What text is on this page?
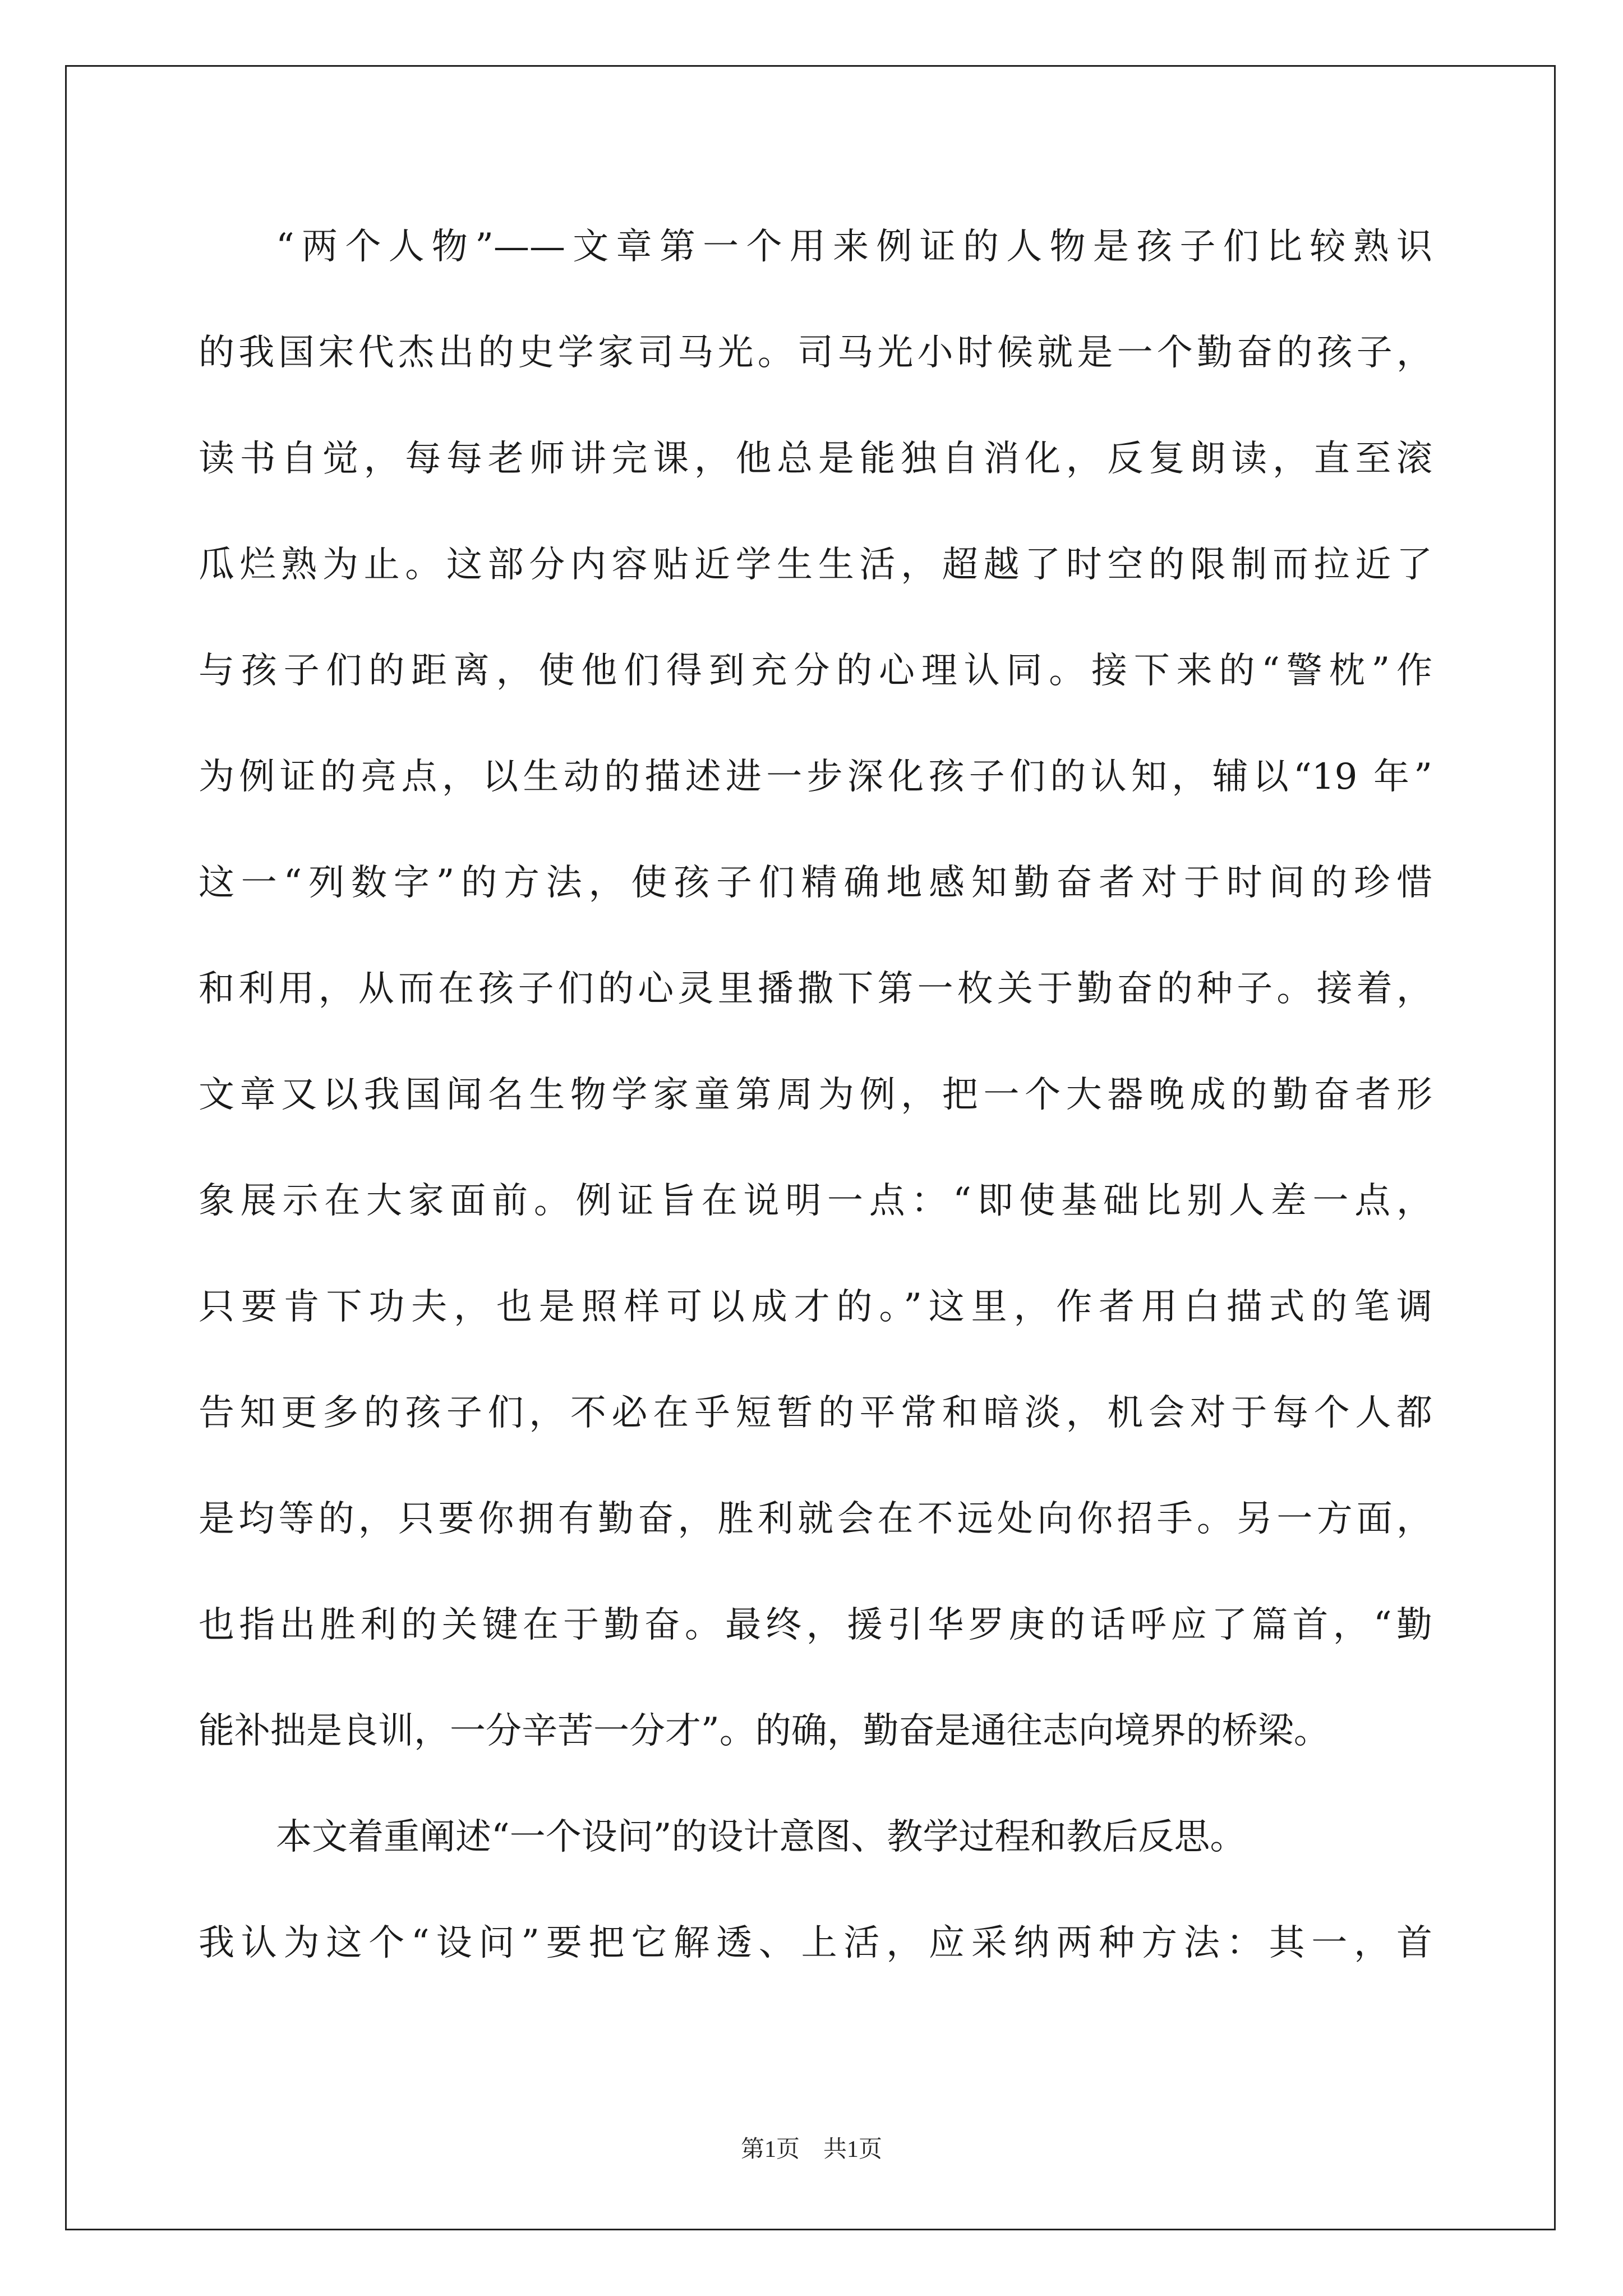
“两个人物”——文章第一个用来例证的人物是孩子们比较熟识
的我国宋代杰出的史学家司马光。司马光小时候就是一个勤奋的孩子，
读书自觉，每每老师讲完课，他总是能独自消化，反复朗读，直至滚
瓜烂熟为止。这部分内容贴近学生生活，超越了时空的限制而拉近了
与孩子们的距离，使他们得到充分的心理认同。接下来的“警枕”作
为例证的亮点，以生动的描述进一步深化孩子们的认知，辅以“19 年”
这一“列数字”的方法，使孩子们精确地感知勤奋者对于时间的珍惜
和利用，从而在孩子们的心灵里播撒下第一枚关于勤奋的种子。接着，
文章又以我国闻名生物学家童第周为例，把一个大器晚成的勤奋者形
象展示在大家面前。例证旨在说明一点：“即使基础比别人差一点，
只要肯下功夫，也是照样可以成才的。”这里，作者用白描式的笔调
告知更多的孩子们，不必在乎短暂的平常和暗淡，机会对于每个人都
是均等的，只要你拥有勤奋，胜利就会在不远处向你招手。另一方面，
也指出胜利的关键在于勤奋。最终，援引华罗庚的话呼应了篇首，“勤
能补拙是良训，一分辛苦一分才”。的确，勤奋是通往志向境界的桥梁。
本文着重阐述“一个设问”的设计意图、教学过程和教后反思。
我认为这个“设问”要把它解透、上活，应采纳两种方法：其一，首
第1页　共1页
